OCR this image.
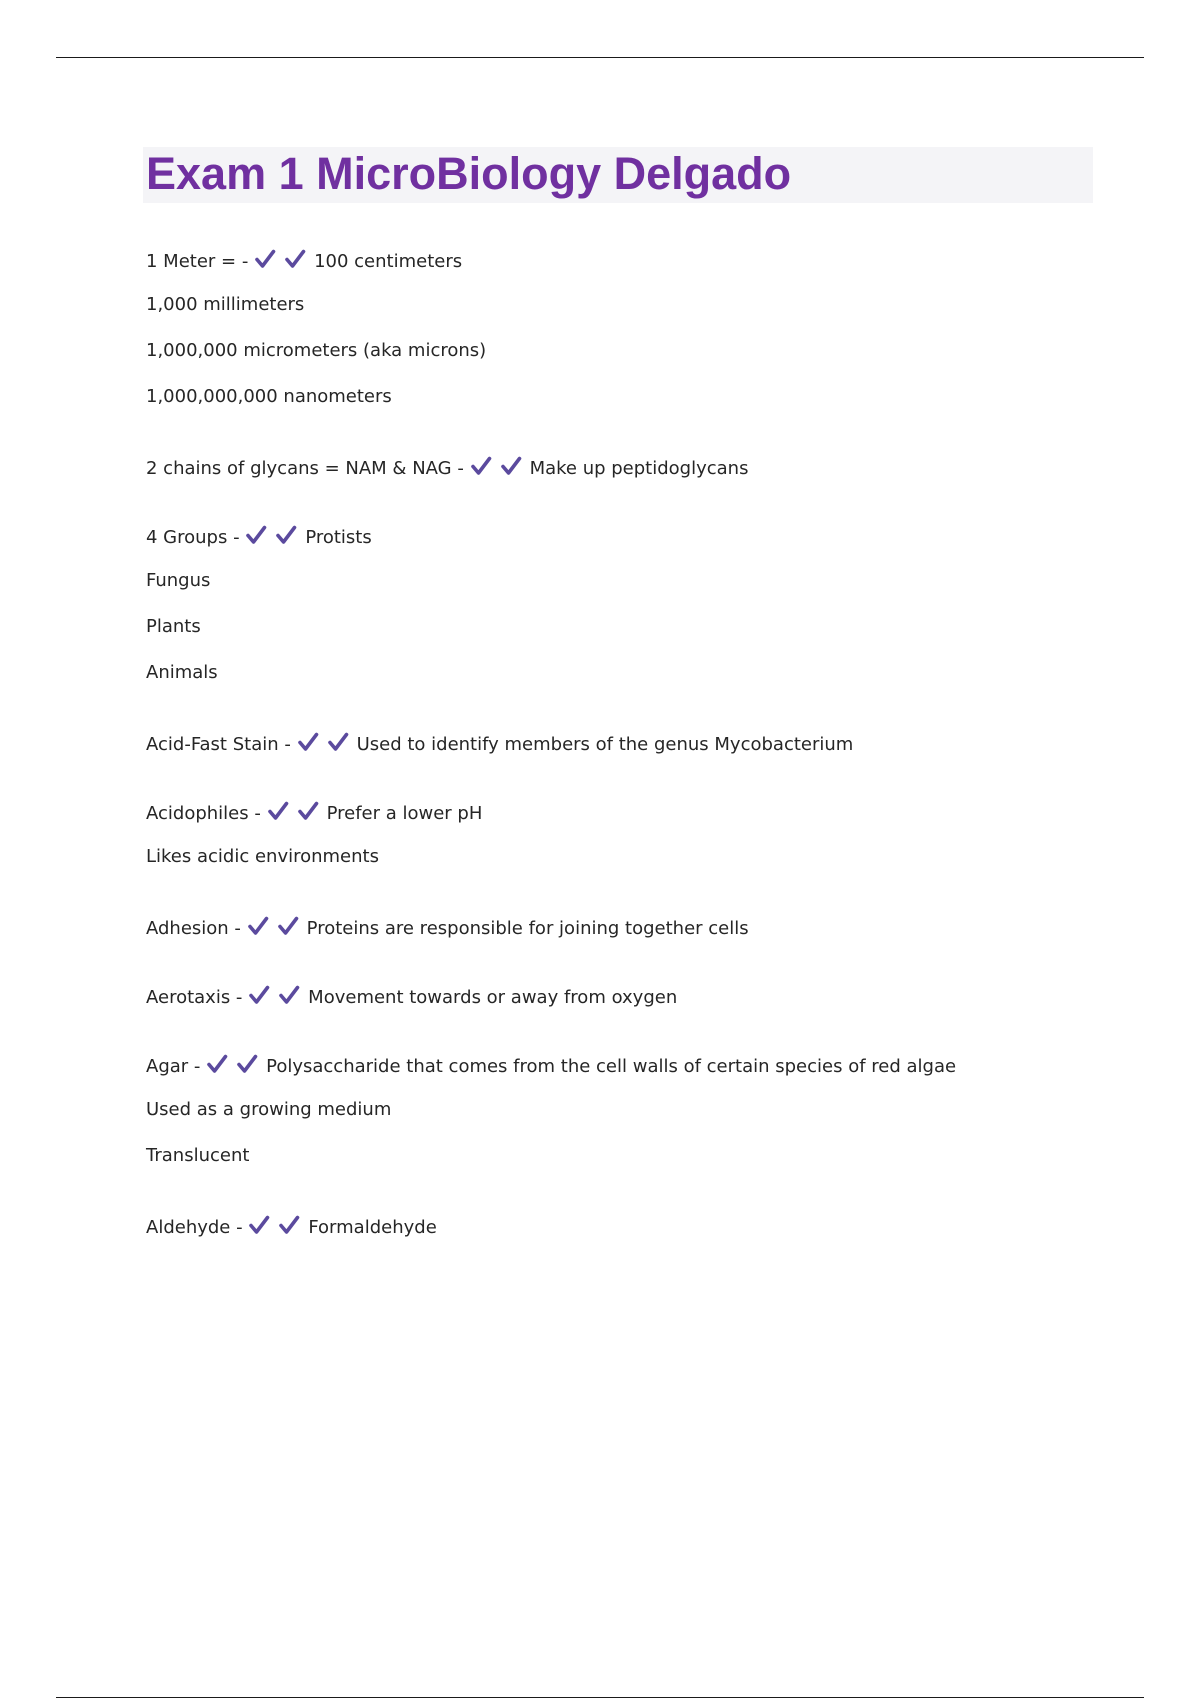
Exam 1 MicroBiology Delgado
1 Meter = -	100 centimeters
1,000 millimeters
1,000,000 micrometers (aka microns)
1,000,000,000 nanometers
2 chains of glycans = NAM & NAG -	Make up peptidoglycans
4 Groups -	Protists
Fungus
Plants
Animals
Acid-Fast Stain -	Used to identify members of the genus Mycobacterium
Acidophiles -	Prefer a lower pH
Likes acidic environments
Adhesion -	Proteins are responsible for joining together cells
Aerotaxis -	Movement towards or away from oxygen
Agar -	Polysaccharide that comes from the cell walls of certain species of red algae
Used as a growing medium
Translucent
Aldehyde -	Formaldehyde
